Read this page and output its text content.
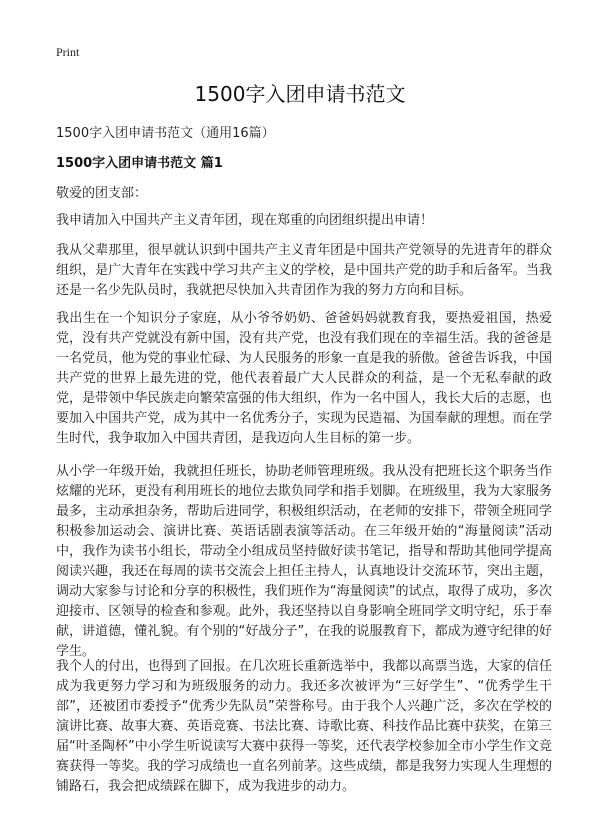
Print
1500字入团申请书范文
1500字入团申请书范文（通用16篇）
1500字入团申请书范文 篇1
敬爱的团支部：

我申请加入中国共产主义青年团，现在郑重的向团组织提出申请！

我从父辈那里，很早就认识到中国共产主义青年团是中国共产党领导的先进青年的群众组织，是广大青年在实践中学习共产主义的学校，是中国共产党的助手和后备军。当我还是一名少先队员时，我就把尽快加入共青团作为我的努力方向和目标。

我出生在一个知识分子家庭，从小爷爷奶奶、爸爸妈妈就教育我，要热爱祖国，热爱党，没有共产党就没有新中国，没有共产党，也没有我们现在的幸福生活。我的爸爸是一名党员，他为党的事业忙碌、为人民服务的形象一直是我的骄傲。爸爸告诉我，中国共产党的世界上最先进的党，他代表着最广大人民群众的利益，是一个无私奉献的政党，是带领中华民族走向繁荣富强的伟大组织，作为一名中国人，我长大后的志愿，也要加入中国共产党，成为其中一名优秀分子，实现为民造福、为国奉献的理想。而在学生时代，我争取加入中国共青团，是我迈向人生目标的第一步。

从小学一年级开始，我就担任班长，协助老师管理班级。我从没有把班长这个职务当作炫耀的光环，更没有利用班长的地位去欺负同学和指手划脚。在班级里，我为大家服务最多，主动承担杂务，帮助后进同学，积极组织活动，在老师的安排下，带领全班同学积极参加运动会、演讲比赛、英语话剧表演等活动。在三年级开始的“海量阅读”活动中，我作为读书小组长，带动全小组成员坚持做好读书笔记，指导和帮助其他同学提高阅读兴趣，我还在每周的读书交流会上担任主持人，认真地设计交流环节，突出主题，调动大家参与讨论和分享的积极性，我们班作为“海量阅读”的试点，取得了成功，多次迎接市、区领导的检查和参观。此外，我还坚持以自身影响全班同学文明守纪，乐于奉献，讲道德，懂礼貌。有个别的“好战分子”，在我的说服教育下，都成为遵守纪律的好学生。

我个人的付出，也得到了回报。在几次班长重新选举中，我都以高票当选，大家的信任成为我更努力学习和为班级服务的动力。我还多次被评为“三好学生”、“优秀学生干部”，还被团市委授予“优秀少先队员”荣誉称号。由于我个人兴趣广泛，多次在学校的演讲比赛、故事大赛、英语竞赛、书法比赛、诗歌比赛、科技作品比赛中获奖，在第三届“叶圣陶杯”中小学生听说读写大赛中获得一等奖，还代表学校参加全市小学生作文竞赛获得一等奖。我的学习成绩也一直名列前茅。这些成绩，都是我努力实现人生理想的铺路石，我会把成绩踩在脚下，成为我进步的动力。
